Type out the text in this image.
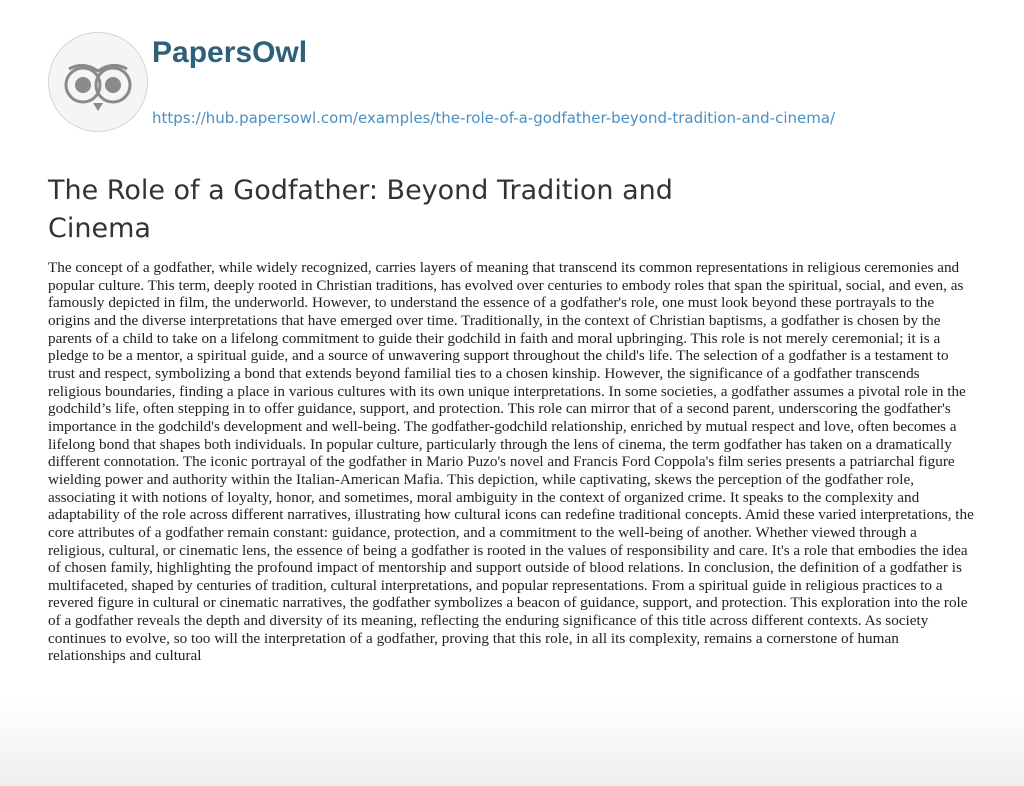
PapersOwl
https://hub.papersowl.com/examples/the-role-of-a-godfather-beyond-tradition-and-cinema/
The Role of a Godfather: Beyond Tradition and Cinema

The concept of a godfather, while widely recognized, carries layers of meaning that transcend its common representations in religious ceremonies and popular culture. This term, deeply rooted in Christian traditions, has evolved over centuries to embody roles that span the spiritual, social, and even, as famously depicted in film, the underworld. However, to understand the essence of a godfather's role, one must look beyond these portrayals to the origins and the diverse interpretations that have emerged over time. Traditionally, in the context of Christian baptisms, a godfather is chosen by the parents of a child to take on a lifelong commitment to guide their godchild in faith and moral upbringing. This role is not merely ceremonial; it is a pledge to be a mentor, a spiritual guide, and a source of unwavering support throughout the child's life. The selection of a godfather is a testament to trust and respect, symbolizing a bond that extends beyond familial ties to a chosen kinship. However, the significance of a godfather transcends religious boundaries, finding a place in various cultures with its own unique interpretations. In some societies, a godfather assumes a pivotal role in the godchild’s life, often stepping in to offer guidance, support, and protection. This role can mirror that of a second parent, underscoring the godfather's importance in the godchild's development and well-being. The godfather-godchild relationship, enriched by mutual respect and love, often becomes a lifelong bond that shapes both individuals. In popular culture, particularly through the lens of cinema, the term godfather has taken on a dramatically different connotation. The iconic portrayal of the godfather in Mario Puzo's novel and Francis Ford Coppola's film series presents a patriarchal figure wielding power and authority within the Italian-American Mafia. This depiction, while captivating, skews the perception of the godfather role, associating it with notions of loyalty, honor, and sometimes, moral ambiguity in the context of organized crime. It speaks to the complexity and adaptability of the role across different narratives, illustrating how cultural icons can redefine traditional concepts. Amid these varied interpretations, the core attributes of a godfather remain constant: guidance, protection, and a commitment to the well-being of another. Whether viewed through a religious, cultural, or cinematic lens, the essence of being a godfather is rooted in the values of responsibility and care. It's a role that embodies the idea of chosen family, highlighting the profound impact of mentorship and support outside of blood relations. In conclusion, the definition of a godfather is multifaceted, shaped by centuries of tradition, cultural interpretations, and popular representations. From a spiritual guide in religious practices to a revered figure in cultural or cinematic narratives, the godfather symbolizes a beacon of guidance, support, and protection. This exploration into the role of a godfather reveals the depth and diversity of its meaning, reflecting the enduring significance of this title across different contexts. As society continues to evolve, so too will the interpretation of a godfather, proving that this role, in all its complexity, remains a cornerstone of human relationships and cultural
